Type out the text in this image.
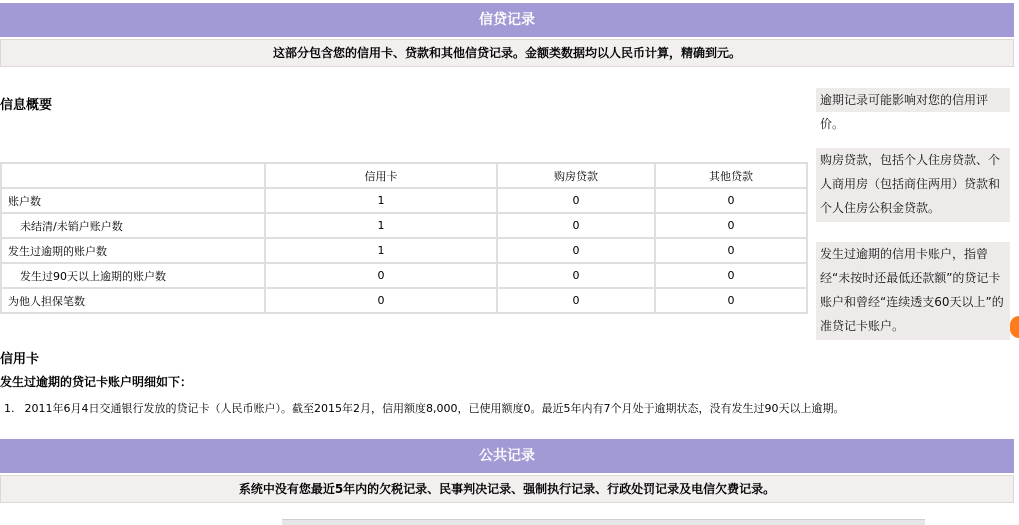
信贷记录
这部分包含您的信用卡、贷款和其他信贷记录。金额类数据均以人民币计算，精确到元。
信息概要	逾期记录可能影响对您的信用评价。
购房贷款，包括个人住房贷款、个人商用房（包括商住两用）贷款和个人住房公积金贷款。
发生过逾期的信用卡账户，指曾经“未按时还最低还款额”的贷记卡账户和曾经“连续透支60天以上”的准贷记卡账户。
	信用卡	购房贷款	其他贷款
账户数	1	0	0
未结清/未销户账户数	1	0	0
发生过逾期的账户数	1	0	0
发生过90天以上逾期的账户数	0	0	0
为他人担保笔数	0	0	0
信用卡
发生过逾期的贷记卡账户明细如下：
1. 2011年6月4日交通银行发放的贷记卡（人民币账户）。截至2015年2月，信用额度8,000，已使用额度0。最近5年内有7个月处于逾期状态，没有发生过90天以上逾期。
公共记录
系统中没有您最近5年内的欠税记录、民事判决记录、强制执行记录、行政处罚记录及电信欠费记录。
